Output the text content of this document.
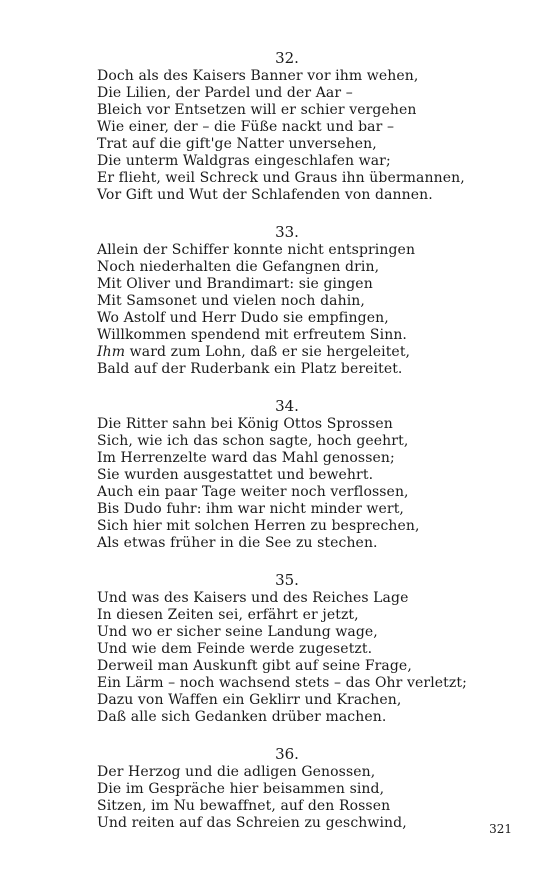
32.
Doch als des Kaisers Banner vor ihm wehen,
Die Lilien, der Pardel und der Aar –
Bleich vor Entsetzen will er schier vergehen
Wie einer, der – die Füße nackt und bar –
Trat auf die gift'ge Natter unversehen,
Die unterm Waldgras eingeschlafen war;
Er flieht, weil Schreck und Graus ihn übermannen,
Vor Gift und Wut der Schlafenden von dannen.
33.
Allein der Schiffer konnte nicht entspringen
Noch niederhalten die Gefangnen drin,
Mit Oliver und Brandimart: sie gingen
Mit Samsonet und vielen noch dahin,
Wo Astolf und Herr Dudo sie empfingen,
Willkommen spendend mit erfreutem Sinn.
Ihm ward zum Lohn, daß er sie hergeleitet,
Bald auf der Ruderbank ein Platz bereitet.
34.
Die Ritter sahn bei König Ottos Sprossen
Sich, wie ich das schon sagte, hoch geehrt,
Im Herrenzelte ward das Mahl genossen;
Sie wurden ausgestattet und bewehrt.
Auch ein paar Tage weiter noch verflossen,
Bis Dudo fuhr: ihm war nicht minder wert,
Sich hier mit solchen Herren zu besprechen,
Als etwas früher in die See zu stechen.
35.
Und was des Kaisers und des Reiches Lage
In diesen Zeiten sei, erfährt er jetzt,
Und wo er sicher seine Landung wage,
Und wie dem Feinde werde zugesetzt.
Derweil man Auskunft gibt auf seine Frage,
Ein Lärm – noch wachsend stets – das Ohr verletzt;
Dazu von Waffen ein Geklirr und Krachen,
Daß alle sich Gedanken drüber machen.
36.
Der Herzog und die adligen Genossen,
Die im Gespräche hier beisammen sind,
Sitzen, im Nu bewaffnet, auf den Rossen
Und reiten auf das Schreien zu geschwind,	321
